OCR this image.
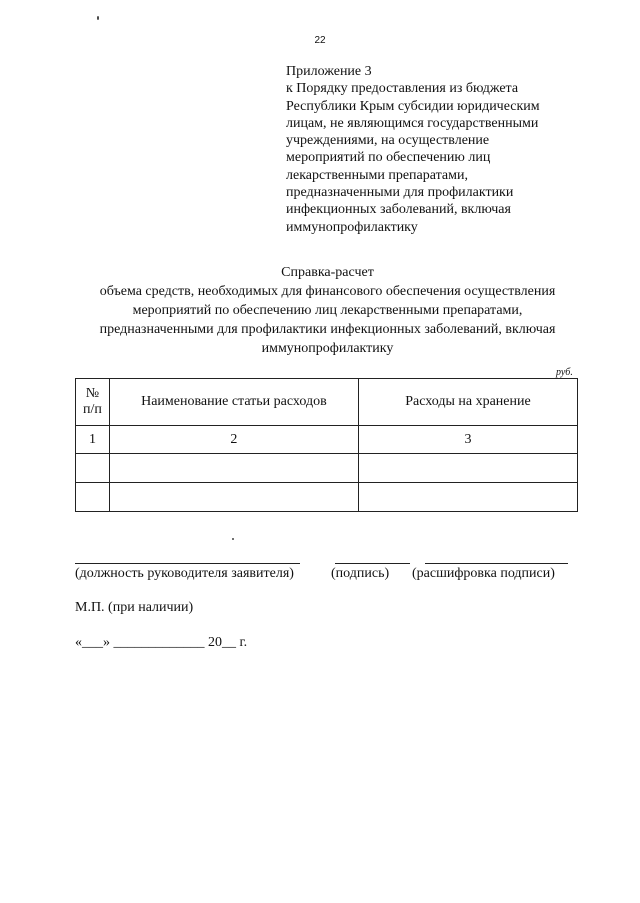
22
Приложение 3
к Порядку предоставления из бюджета
Республики Крым субсидии юридическим
лицам, не являющимся государственными
учреждениями, на осуществление
мероприятий по обеспечению лиц
лекарственными препаратами,
предназначенными для профилактики
инфекционных заболеваний, включая
иммунопрофилактику
Справка-расчет
объема средств, необходимых для финансового обеспечения осуществления
мероприятий по обеспечению лиц лекарственными препаратами,
предназначенными для профилактики инфекционных заболеваний, включая
иммунопрофилактику
руб.
№
п/п	Наименование статьи расходов	Расходы на хранение
1	2	3

(должность руководителя заявителя)	(подпись) (расшифровка подписи)
М.П. (при наличии)
«___» _____________ 20__ г.
